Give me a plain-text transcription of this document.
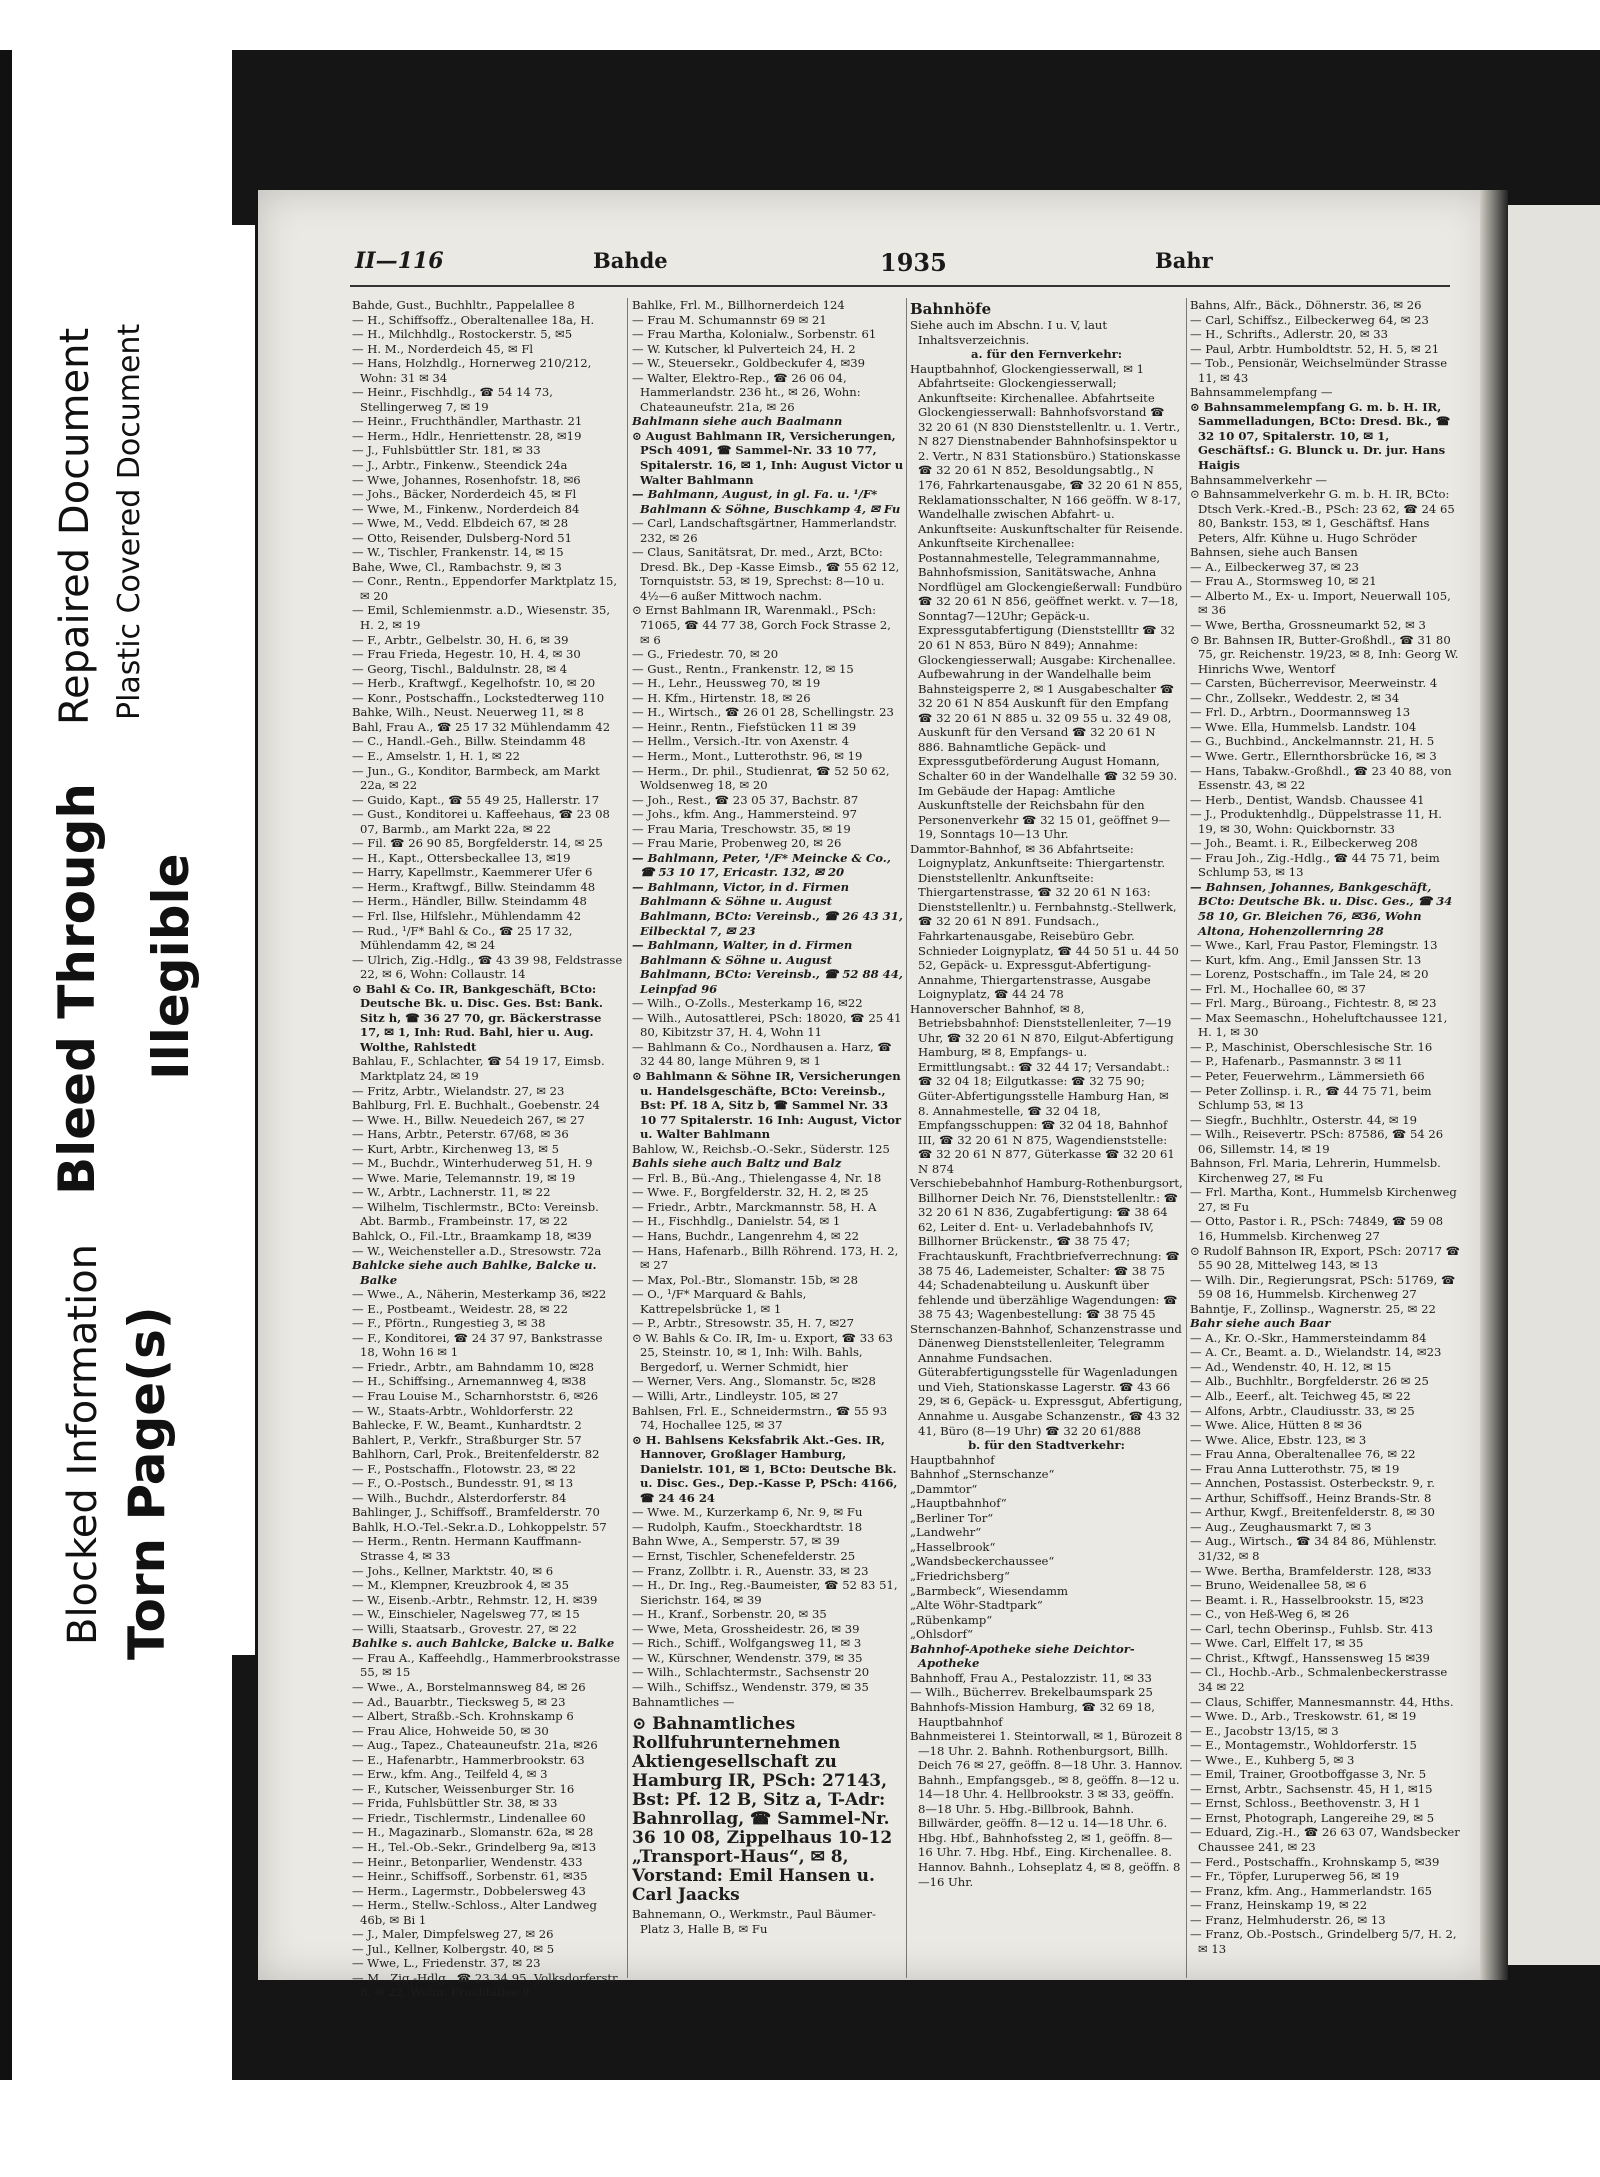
Bleed Through
Repaired Document Plastic Covered Document
Illegible
Blocked Information Torn Page(s)
II—116	Bahde	1935	Bahr

Bahde, Gust., Buchhltr., Pappelallee 8

— H., Schiffsoffz., Oberaltenallee 18a, H.

— H., Milchhdlg., Rostockerstr. 5, ✉5

— H. M., Norderdeich 45, ✉ Fl

— Hans, Holzhdlg., Hornerweg 210/212, Wohn: 31 ✉ 34

— Heinr., Fischhdlg., ☎ 54 14 73, Stellingerweg 7, ✉ 19

— Heinr., Fruchthändler, Marthastr. 21

— Herm., Hdlr., Henriettenstr. 28, ✉19

— J., Fuhlsbüttler Str. 181, ✉ 33

— J., Arbtr., Finkenw., Steendick 24a

— Wwe, Johannes, Rosenhofstr. 18, ✉6

— Johs., Bäcker, Norderdeich 45, ✉ Fl

— Wwe, M., Finkenw., Norderdeich 84

— Wwe, M., Vedd. Elbdeich 67, ✉ 28

— Otto, Reisender, Dulsberg-Nord 51

— W., Tischler, Frankenstr. 14, ✉ 15

Bahe, Wwe, Cl., Rambachstr. 9, ✉ 3

— Conr., Rentn., Eppendorfer Marktplatz 15, ✉ 20

— Emil, Schlemienmstr. a.D., Wiesenstr. 35, H. 2, ✉ 19

— F., Arbtr., Gelbelstr. 30, H. 6, ✉ 39

— Frau Frieda, Hegestr. 10, H. 4, ✉ 30

— Georg, Tischl., Baldulnstr. 28, ✉ 4

— Herb., Kraftwgf., Kegelhofstr. 10, ✉ 20

— Konr., Postschaffn., Lockstedterweg 110

Bahke, Wilh., Neust. Neuerweg 11, ✉ 8

Bahl, Frau A., ☎ 25 17 32 Mühlendamm 42

— C., Handl.-Geh., Billw. Steindamm 48

— E., Amselstr. 1, H. 1, ✉ 22

— Jun., G., Konditor, Barmbeck, am Markt 22a, ✉ 22

— Guido, Kapt., ☎ 55 49 25, Hallerstr. 17

— Gust., Konditorei u. Kaffeehaus, ☎ 23 08 07, Barmb., am Markt 22a, ✉ 22

— Fil. ☎ 26 90 85, Borgfelderstr. 14, ✉ 25

— H., Kapt., Ottersbeckallee 13, ✉19

— Harry, Kapellmstr., Kaemmerer Ufer 6

— Herm., Kraftwgf., Billw. Steindamm 48

— Herm., Händler, Billw. Steindamm 48

— Frl. Ilse, Hilfslehr., Mühlendamm 42

— Rud., ¹/F* Bahl & Co., ☎ 25 17 32, Mühlendamm 42, ✉ 24

— Ulrich, Zig.-Hdlg., ☎ 43 39 98, Feldstrasse 22, ✉ 6, Wohn: Collaustr. 14

⊙ Bahl & Co. IR, Bankgeschäft, BCto: Deutsche Bk. u. Disc. Ges. Bst: Bank. Sitz h, ☎ 36 27 70, gr. Bäckerstrasse 17, ✉ 1, Inh: Rud. Bahl, hier u. Aug. Wolthe, Rahlstedt

Bahlau, F., Schlachter, ☎ 54 19 17, Eimsb. Marktplatz 24, ✉ 19

— Fritz, Arbtr., Wielandstr. 27, ✉ 23

Bahlburg, Frl. E. Buchhalt., Goebenstr. 24

— Wwe. H., Billw. Neuedeich 267, ✉ 27

— Hans, Arbtr., Peterstr. 67/68, ✉ 36

— Kurt, Arbtr., Kirchenweg 13, ✉ 5

— M., Buchdr., Winterhuderweg 51, H. 9

— Wwe. Marie, Telemannstr. 19, ✉ 19

— W., Arbtr., Lachnerstr. 11, ✉ 22

— Wilhelm, Tischlermstr., BCto: Vereinsb. Abt. Barmb., Frambeinstr. 17, ✉ 22

Bahlck, O., Fil.-Ltr., Braamkamp 18, ✉39

— W., Weichensteller a.D., Stresowstr. 72a

Bahlcke siehe auch Bahlke, Balcke u. Balke

— Wwe., A., Näherin, Mesterkamp 36, ✉22

— E., Postbeamt., Weidestr. 28, ✉ 22

— F., Pförtn., Rungestieg 3, ✉ 38

— F., Konditorei, ☎ 24 37 97, Bankstrasse 18, Wohn 16 ✉ 1

— Friedr., Arbtr., am Bahndamm 10, ✉28

— H., Schiffsing., Arnemannweg 4, ✉38

— Frau Louise M., Scharnhorststr. 6, ✉26

— W., Staats-Arbtr., Wohldorferstr. 22

Bahlecke, F. W., Beamt., Kunhardtstr. 2

Bahlert, P., Verkfr., Straßburger Str. 57

Bahlhorn, Carl, Prok., Breitenfelderstr. 82

— F., Postschaffn., Flotowstr. 23, ✉ 22

— F., O.-Postsch., Bundesstr. 91, ✉ 13

— Wilh., Buchdr., Alsterdorferstr. 84

Bahlinger, J., Schiffsoff., Bramfelderstr. 70

Bahlk, H.O.-Tel.-Sekr.a.D., Lohkoppelstr. 57

— Herm., Rentn. Hermann Kauffmann-Strasse 4, ✉ 33

— Johs., Kellner, Marktstr. 40, ✉ 6

— M., Klempner, Kreuzbrook 4, ✉ 35

— W., Eisenb.-Arbtr., Rehmstr. 12, H. ✉39

— W., Einschieler, Nagelsweg 77, ✉ 15

— Willi, Staatsarb., Grovestr. 27, ✉ 22

Bahlke s. auch Bahlcke, Balcke u. Balke

— Frau A., Kaffeehdlg., Hammerbrookstrasse 55, ✉ 15

— Wwe., A., Borstelmannsweg 84, ✉ 26

— Ad., Bauarbtr., Tiecksweg 5, ✉ 23

— Albert, Straßb.-Sch. Krohnskamp 6

— Frau Alice, Hohweide 50, ✉ 30

— Aug., Tapez., Chateauneufstr. 21a, ✉26

— E., Hafenarbtr., Hammerbrookstr. 63

— Erw., kfm. Ang., Teilfeld 4, ✉ 3

— F., Kutscher, Weissenburger Str. 16

— Frida, Fuhlsbüttler Str. 38, ✉ 33

— Friedr., Tischlermstr., Lindenallee 60

— H., Magazinarb., Slomanstr. 62a, ✉ 28

— H., Tel.-Ob.-Sekr., Grindelberg 9a, ✉13

— Heinr., Betonparlier, Wendenstr. 433

— Heinr., Schiffsoff., Sorbenstr. 61, ✉35

— Herm., Lagermstr., Dobbelersweg 43

— Herm., Stellw.-Schloss., Alter Landweg 46b, ✉ Bi 1

— J., Maler, Dimpfelsweg 27, ✉ 26

— Jul., Kellner, Kolbergstr. 40, ✉ 5

— Wwe, L., Friedenstr. 37, ✉ 23

— M., Zig.-Hdlg., ☎ 23 34 95, Volksdorferstr. 8, ✉ 22, Wohn: Fruchtallee 9

Bahlke, Frl. M., Billhornerdeich 124

— Frau M. Schumannstr 69 ✉ 21

— Frau Martha, Kolonialw., Sorbenstr. 61

— W. Kutscher, kl Pulverteich 24, H. 2

— W., Steuersekr., Goldbeckufer 4, ✉39

— Walter, Elektro-Rep., ☎ 26 06 04, Hammerlandstr. 236 ht., ✉ 26, Wohn: Chateauneufstr. 21a, ✉ 26

Bahlmann siehe auch Baalmann

⊙ August Bahlmann IR, Versicherungen, PSch 4091, ☎ Sammel-Nr. 33 10 77, Spitalerstr. 16, ✉ 1, Inh: August Victor u Walter Bahlmann

— Bahlmann, August, in gl. Fa. u. ¹/F* Bahlmann & Söhne, Buschkamp 4, ✉ Fu

— Carl, Landschaftsgärtner, Hammerlandstr. 232, ✉ 26

— Claus, Sanitätsrat, Dr. med., Arzt, BCto: Dresd. Bk., Dep -Kasse Eimsb., ☎ 55 62 12, Tornquiststr. 53, ✉ 19, Sprechst: 8—10 u. 4½—6 außer Mittwoch nachm.

⊙ Ernst Bahlmann IR, Warenmakl., PSch: 71065, ☎ 44 77 38, Gorch Fock Strasse 2, ✉ 6

— G., Friedestr. 70, ✉ 20

— Gust., Rentn., Frankenstr. 12, ✉ 15

— H., Lehr., Heussweg 70, ✉ 19

— H. Kfm., Hirtenstr. 18, ✉ 26

— H., Wirtsch., ☎ 26 01 28, Schellingstr. 23

— Heinr., Rentn., Fiefstücken 11 ✉ 39

— Hellm., Versich.-Itr. von Axenstr. 4

— Herm., Mont., Lutterothstr. 96, ✉ 19

— Herm., Dr. phil., Studienrat, ☎ 52 50 62, Woldsenweg 18, ✉ 20

— Joh., Rest., ☎ 23 05 37, Bachstr. 87

— Johs., kfm. Ang., Hammersteind. 97

— Frau Maria, Treschowstr. 35, ✉ 19

— Frau Marie, Probenweg 20, ✉ 26

— Bahlmann, Peter, ¹/F* Meincke & Co., ☎ 53 10 17, Ericastr. 132, ✉ 20

— Bahlmann, Victor, in d. Firmen Bahlmann & Söhne u. August Bahlmann, BCto: Vereinsb., ☎ 26 43 31, Eilbecktal 7, ✉ 23

— Bahlmann, Walter, in d. Firmen Bahlmann & Söhne u. August Bahlmann, BCto: Vereinsb., ☎ 52 88 44, Leinpfad 96

— Wilh., O-Zolls., Mesterkamp 16, ✉22

— Wilh., Autosattlerei, PSch: 18020, ☎ 25 41 80, Kibitzstr 37, H. 4, Wohn 11

— Bahlmann & Co., Nordhausen a. Harz, ☎ 32 44 80, lange Mühren 9, ✉ 1

⊙ Bahlmann & Söhne IR, Versicherungen u. Handelsgeschäfte, BCto: Vereinsb., Bst: Pf. 18 A, Sitz b, ☎ Sammel Nr. 33 10 77 Spitalerstr. 16 Inh: August, Victor u. Walter Bahlmann

Bahlow, W., Reichsb.-O.-Sekr., Süderstr. 125

Bahls siehe auch Baltz und Balz

— Frl. B., Bü.-Ang., Thielengasse 4, Nr. 18

— Wwe. F., Borgfelderstr. 32, H. 2, ✉ 25

— Friedr., Arbtr., Marckmannstr. 58, H. A

— H., Fischhdlg., Danielstr. 54, ✉ 1

— Hans, Buchdr., Langenrehm 4, ✉ 22

— Hans, Hafenarb., Billh Röhrend. 173, H. 2, ✉ 27

— Max, Pol.-Btr., Slomanstr. 15b, ✉ 28

— O., ¹/F* Marquard & Bahls, Kattrepelsbrücke 1, ✉ 1

— P., Arbtr., Stresowstr. 35, H. 7, ✉27

⊙ W. Bahls & Co. IR, Im- u. Export, ☎ 33 63 25, Steinstr. 10, ✉ 1, Inh: Wilh. Bahls, Bergedorf, u. Werner Schmidt, hier

— Werner, Vers. Ang., Slomanstr. 5c, ✉28

— Willi, Artr., Lindleystr. 105, ✉ 27

Bahlsen, Frl. E., Schneidermstrn., ☎ 55 93 74, Hochallee 125, ✉ 37

⊙ H. Bahlsens Keksfabrik Akt.-Ges. IR, Hannover, Großlager Hamburg, Danielstr. 101, ✉ 1, BCto: Deutsche Bk. u. Disc. Ges., Dep.-Kasse P, PSch: 4166, ☎ 24 46 24

— Wwe. M., Kurzerkamp 6, Nr. 9, ✉ Fu

— Rudolph, Kaufm., Stoeckhardtstr. 18

Bahn Wwe, A., Semperstr. 57, ✉ 39

— Ernst, Tischler, Schenefelderstr. 25

— Franz, Zollbtr. i. R., Auenstr. 33, ✉ 23

— H., Dr. Ing., Reg.-Baumeister, ☎ 52 83 51, Sierichstr. 164, ✉ 39

— H., Kranf., Sorbenstr. 20, ✉ 35

— Wwe, Meta, Grossheidestr. 26, ✉ 39

— Rich., Schiff., Wolfgangsweg 11, ✉ 3

— W., Kürschner, Wendenstr. 379, ✉ 35

— Wilh., Schlachtermstr., Sachsenstr 20

— Wilh., Schiffsz., Wendenstr. 379, ✉ 35

Bahnamtliches —

⊙ Bahnamtliches Rollfuhrunternehmen Aktiengesellschaft zu Hamburg IR, PSch: 27143, Bst: Pf. 12 B, Sitz a, T-Adr: Bahnrollag, ☎ Sammel-Nr. 36 10 08, Zippelhaus 10-12 „Transport-Haus“, ✉ 8, Vorstand: Emil Hansen u. Carl Jaacks

Bahnemann, O., Werkmstr., Paul Bäumer-Platz 3, Halle B, ✉ Fu

Bahnhöfe

Siehe auch im Abschn. I u. V, laut Inhaltsverzeichnis.

a. für den Fernverkehr:

Hauptbahnhof, Glockengiesserwall, ✉ 1 Abfahrtseite: Glockengiesserwall; Ankunftseite: Kirchenallee. Abfahrtseite Glockengiesserwall: Bahnhofsvorstand ☎ 32 20 61 (N 830 Dienststellenltr. u. 1. Vertr., N 827 Dienstnabender Bahnhofsinspektor u 2. Vertr., N 831 Stationsbüro.) Stationskasse ☎ 32 20 61 N 852, Besoldungsabtlg., N 176, Fahrkartenausgabe, ☎ 32 20 61 N 855, Reklamationsschalter, N 166 geöffn. W 8-17, Wandelhalle zwischen Abfahrt- u. Ankunftseite: Auskunftschalter für Reisende. Ankunftseite Kirchenallee: Postannahmestelle, Telegrammannahme, Bahnhofsmission, Sanitätswache, Anhna Nordflügel am Glockengießerwall: Fundbüro ☎ 32 20 61 N 856, geöffnet werkt. v. 7—18, Sonntag7—12Uhr; Gepäck-u. Expressgutabfertigung (Dienststellltr ☎ 32 20 61 N 853, Büro N 849); Annahme: Glockengiesserwall; Ausgabe: Kirchenallee. Aufbewahrung in der Wandelhalle beim Bahnsteigsperre 2, ✉ 1 Ausgabeschalter ☎ 32 20 61 N 854 Auskunft für den Empfang ☎ 32 20 61 N 885 u. 32 09 55 u. 32 49 08, Auskunft für den Versand ☎ 32 20 61 N 886. Bahnamtliche Gepäck- und Expressgutbeförderung August Homann, Schalter 60 in der Wandelhalle ☎ 32 59 30. Im Gebäude der Hapag: Amtliche Auskunftstelle der Reichsbahn für den Personenverkehr ☎ 32 15 01, geöffnet 9—19, Sonntags 10—13 Uhr.

Dammtor-Bahnhof, ✉ 36 Abfahrtseite: Loignyplatz, Ankunftseite: Thiergartenstr. Dienststellenltr. Ankunftseite: Thiergartenstrasse, ☎ 32 20 61 N 163: Dienststellenltr.) u. Fernbahnstg.-Stellwerk, ☎ 32 20 61 N 891. Fundsach., Fahrkartenausgabe, Reisebüro Gebr. Schnieder Loignyplatz, ☎ 44 50 51 u. 44 50 52, Gepäck- u. Expressgut-Abfertigung-Annahme, Thiergartenstrasse, Ausgabe Loignyplatz, ☎ 44 24 78

Hannoverscher Bahnhof, ✉ 8, Betriebsbahnhof: Dienststellenleiter, 7—19 Uhr, ☎ 32 20 61 N 870, Eilgut-Abfertigung Hamburg, ✉ 8, Empfangs- u. Ermittlungsabt.: ☎ 32 44 17; Versandabt.: ☎ 32 04 18; Eilgutkasse: ☎ 32 75 90; Güter-Abfertigungsstelle Hamburg Han, ✉ 8. Annahmestelle, ☎ 32 04 18, Empfangsschuppen: ☎ 32 04 18, Bahnhof III, ☎ 32 20 61 N 875, Wagendienststelle: ☎ 32 20 61 N 877, Güterkasse ☎ 32 20 61 N 874

Verschiebebahnhof Hamburg-Rothenburgsort, Billhorner Deich Nr. 76, Dienststellenltr.: ☎ 32 20 61 N 836, Zugabfertigung: ☎ 38 64 62, Leiter d. Ent- u. Verladebahnhofs IV, Billhorner Brückenstr., ☎ 38 75 47; Frachtauskunft, Frachtbriefverrechnung: ☎ 38 75 46, Lademeister, Schalter: ☎ 38 75 44; Schadenabteilung u. Auskunft über fehlende und überzählige Wagendungen: ☎ 38 75 43; Wagenbestellung: ☎ 38 75 45

Sternschanzen-Bahnhof, Schanzenstrasse und Dänenweg Dienststellenleiter, Telegramm Annahme Fundsachen. Güterabfertigungsstelle für Wagenladungen und Vieh, Stationskasse Lagerstr. ☎ 43 66 29, ✉ 6, Gepäck- u. Expressgut, Abfertigung, Annahme u. Ausgabe Schanzenstr., ☎ 43 32 41, Büro (8—19 Uhr) ☎ 32 20 61/888

b. für den Stadtverkehr:

Hauptbahnhof

Bahnhof „Sternschanze“

„Dammtor“

„Hauptbahnhof“

„Berliner Tor“

„Landwehr“

„Hasselbrook“

„Wandsbeckerchaussee“

„Friedrichsberg“

„Barmbeck“, Wiesendamm

„Alte Wöhr-Stadtpark“

„Rübenkamp“

„Ohlsdorf“

Bahnhof-Apotheke siehe Deichtor-Apotheke

Bahnhoff, Frau A., Pestalozzistr. 11, ✉ 33

— Wilh., Bücherrev. Brekelbaumspark 25

Bahnhofs-Mission Hamburg, ☎ 32 69 18, Hauptbahnhof

Bahnmeisterei 1. Steintorwall, ✉ 1, Bürozeit 8—18 Uhr. 2. Bahnh. Rothenburgsort, Billh. Deich 76 ✉ 27, geöffn. 8—18 Uhr. 3. Hannov. Bahnh., Empfangsgeb., ✉ 8, geöffn. 8—12 u. 14—18 Uhr. 4. Hellbrookstr. 3 ✉ 33, geöffn. 8—18 Uhr. 5. Hbg.-Billbrook, Bahnh. Billwärder, geöffn. 8—12 u. 14—18 Uhr. 6. Hbg. Hbf., Bahnhofssteg 2, ✉ 1, geöffn. 8—16 Uhr. 7. Hbg. Hbf., Eing. Kirchenallee. 8. Hannov. Bahnh., Lohseplatz 4, ✉ 8, geöffn. 8—16 Uhr.

Bahns, Alfr., Bäck., Döhnerstr. 36, ✉ 26

— Carl, Schiffsz., Eilbeckerweg 64, ✉ 23

— H., Schrifts., Adlerstr. 20, ✉ 33

— Paul, Arbtr. Humboldtstr. 52, H. 5, ✉ 21

— Tob., Pensionär, Weichselmünder Strasse 11, ✉ 43

Bahnsammelempfang —

⊙ Bahnsammelempfang G. m. b. H. IR, Sammelladungen, BCto: Dresd. Bk., ☎ 32 10 07, Spitalerstr. 10, ✉ 1, Geschäftsf.: G. Blunck u. Dr. jur. Hans Haigis

Bahnsammelverkehr —

⊙ Bahnsammelverkehr G. m. b. H. IR, BCto: Dtsch Verk.-Kred.-B., PSch: 23 62, ☎ 24 65 80, Bankstr. 153, ✉ 1, Geschäftsf. Hans Peters, Alfr. Kühne u. Hugo Schröder

Bahnsen, siehe auch Bansen

— A., Eilbeckerweg 37, ✉ 23

— Frau A., Stormsweg 10, ✉ 21

— Alberto M., Ex- u. Import, Neuerwall 105, ✉ 36

— Wwe, Bertha, Grossneumarkt 52, ✉ 3

⊙ Br. Bahnsen IR, Butter-Großhdl., ☎ 31 80 75, gr. Reichenstr. 19/23, ✉ 8, Inh: Georg W. Hinrichs Wwe, Wentorf

— Carsten, Bücherrevisor, Meerweinstr. 4

— Chr., Zollsekr., Weddestr. 2, ✉ 34

— Frl. D., Arbtrn., Doormannsweg 13

— Wwe. Ella, Hummelsb. Landstr. 104

— G., Buchbind., Anckelmannstr. 21, H. 5

— Wwe. Gertr., Ellernthorsbrücke 16, ✉ 3

— Hans, Tabakw.-Großhdl., ☎ 23 40 88, von Essenstr. 43, ✉ 22

— Herb., Dentist, Wandsb. Chaussee 41

— J., Produktenhdlg., Düppelstrasse 11, H. 19, ✉ 30, Wohn: Quickbornstr. 33

— Joh., Beamt. i. R., Eilbeckerweg 208

— Frau Joh., Zig.-Hdlg., ☎ 44 75 71, beim Schlump 53, ✉ 13

— Bahnsen, Johannes, Bankgeschäft, BCto: Deutsche Bk. u. Disc. Ges., ☎ 34 58 10, Gr. Bleichen 76, ✉36, Wohn Altona, Hohenzollernring 28

— Wwe., Karl, Frau Pastor, Flemingstr. 13

— Kurt, kfm. Ang., Emil Janssen Str. 13

— Lorenz, Postschaffn., im Tale 24, ✉ 20

— Frl. M., Hochallee 60, ✉ 37

— Frl. Marg., Büroang., Fichtestr. 8, ✉ 23

— Max Seemaschn., Hoheluftchaussee 121, H. 1, ✉ 30

— P., Maschinist, Oberschlesische Str. 16

— P., Hafenarb., Pasmannstr. 3 ✉ 11

— Peter, Feuerwehrm., Lämmersieth 66

— Peter Zollinsp. i. R., ☎ 44 75 71, beim Schlump 53, ✉ 13

— Siegfr., Buchhltr., Osterstr. 44, ✉ 19

— Wilh., Reisevertr. PSch: 87586, ☎ 54 26 06, Sillemstr. 14, ✉ 19

Bahnson, Frl. Maria, Lehrerin, Hummelsb. Kirchenweg 27, ✉ Fu

— Frl. Martha, Kont., Hummelsb Kirchenweg 27, ✉ Fu

— Otto, Pastor i. R., PSch: 74849, ☎ 59 08 16, Hummelsb. Kirchenweg 27

⊙ Rudolf Bahnson IR, Export, PSch: 20717 ☎ 55 90 28, Mittelweg 143, ✉ 13

— Wilh. Dir., Regierungsrat, PSch: 51769, ☎ 59 08 16, Hummelsb. Kirchenweg 27

Bahntje, F., Zollinsp., Wagnerstr. 25, ✉ 22

Bahr siehe auch Baar

— A., Kr. O.-Skr., Hammersteindamm 84

— A. Cr., Beamt. a. D., Wielandstr. 14, ✉23

— Ad., Wendenstr. 40, H. 12, ✉ 15

— Alb., Buchhltr., Borgfelderstr. 26 ✉ 25

— Alb., Eeerf., alt. Teichweg 45, ✉ 22

— Alfons, Arbtr., Claudiusstr. 33, ✉ 25

— Wwe. Alice, Hütten 8 ✉ 36

— Wwe. Alice, Ebstr. 123, ✉ 3

— Frau Anna, Oberaltenallee 76, ✉ 22

— Frau Anna Lutterothstr. 75, ✉ 19

— Annchen, Postassist. Osterbeckstr. 9, r.

— Arthur, Schiffsoff., Heinz Brands-Str. 8

— Arthur, Kwgf., Breitenfelderstr. 8, ✉ 30

— Aug., Zeughausmarkt 7, ✉ 3

— Aug., Wirtsch., ☎ 34 84 86, Mühlenstr. 31/32, ✉ 8

— Wwe. Bertha, Bramfelderstr. 128, ✉33

— Bruno, Weidenallee 58, ✉ 6

— Beamt. i. R., Hasselbrookstr. 15, ✉23

— C., von Heß-Weg 6, ✉ 26

— Carl, techn Oberinsp., Fuhlsb. Str. 413

— Wwe. Carl, Elffelt 17, ✉ 35

— Christ., Kftwgf., Hanssensweg 15 ✉39

— Cl., Hochb.-Arb., Schmalenbeckerstrasse 34 ✉ 22

— Claus, Schiffer, Mannesmannstr. 44, Hths.

— Wwe. D., Arb., Treskowstr. 61, ✉ 19

— E., Jacobstr 13/15, ✉ 3

— E., Montagemstr., Wohldorferstr. 15

— Wwe., E., Kuhberg 5, ✉ 3

— Emil, Trainer, Grootboffgasse 3, Nr. 5

— Ernst, Arbtr., Sachsenstr. 45, H 1, ✉15

— Ernst, Schloss., Beethovenstr. 3, H 1

— Ernst, Photograph, Langereihe 29, ✉ 5

— Eduard, Zig.-H., ☎ 26 63 07, Wandsbecker Chaussee 241, ✉ 23

— Ferd., Postschaffn., Krohnskamp 5, ✉39

— Fr., Töpfer, Luruperweg 56, ✉ 19

— Franz, kfm. Ang., Hammerlandstr. 165

— Franz, Heinskamp 19, ✉ 22

— Franz, Helmhuderstr. 26, ✉ 13

— Franz, Ob.-Postsch., Grindelberg 5/7, H. 2, ✉ 13
